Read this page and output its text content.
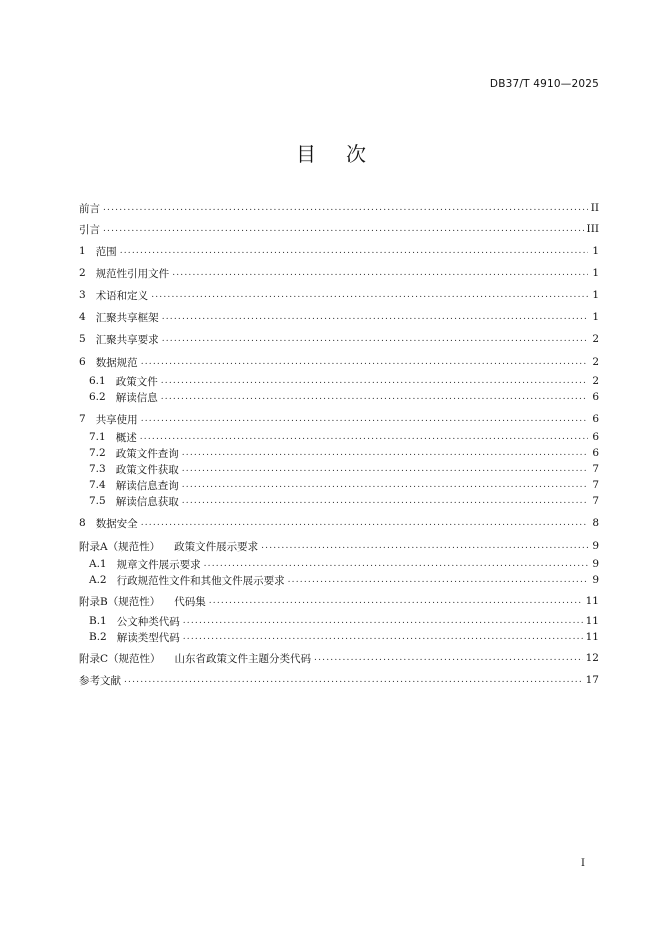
DB37/T 4910—2025
目次
前言 .....	II
引言 .....	III
1 范围 .....	1
2 规范性引用文件 .....	1
3 术语和定义 .....	1
4 汇聚共享框架 .....	1
5 汇聚共享要求 .....	2
6 数据规范 .....	2
6.1 政策文件 .....	2
6.2 解读信息 .....	6
7 共享使用 .....	6
7.1 概述 .....	6
7.2 政策文件查询 .....	6
7.3 政策文件获取 .....	7
7.4 解读信息查询 .....	7
7.5 解读信息获取 .....	7
8 数据安全 .....	8
附录A（规范性） 政策文件展示要求 .....	9
A.1 规章文件展示要求 .....	9
A.2 行政规范性文件和其他文件展示要求 .....	9
附录B（规范性） 代码集 .....	11
B.1 公文种类代码 .....	11
B.2 解读类型代码 .....	11
附录C（规范性） 山东省政策文件主题分类代码 .....	12
参考文献 .....	17
I
